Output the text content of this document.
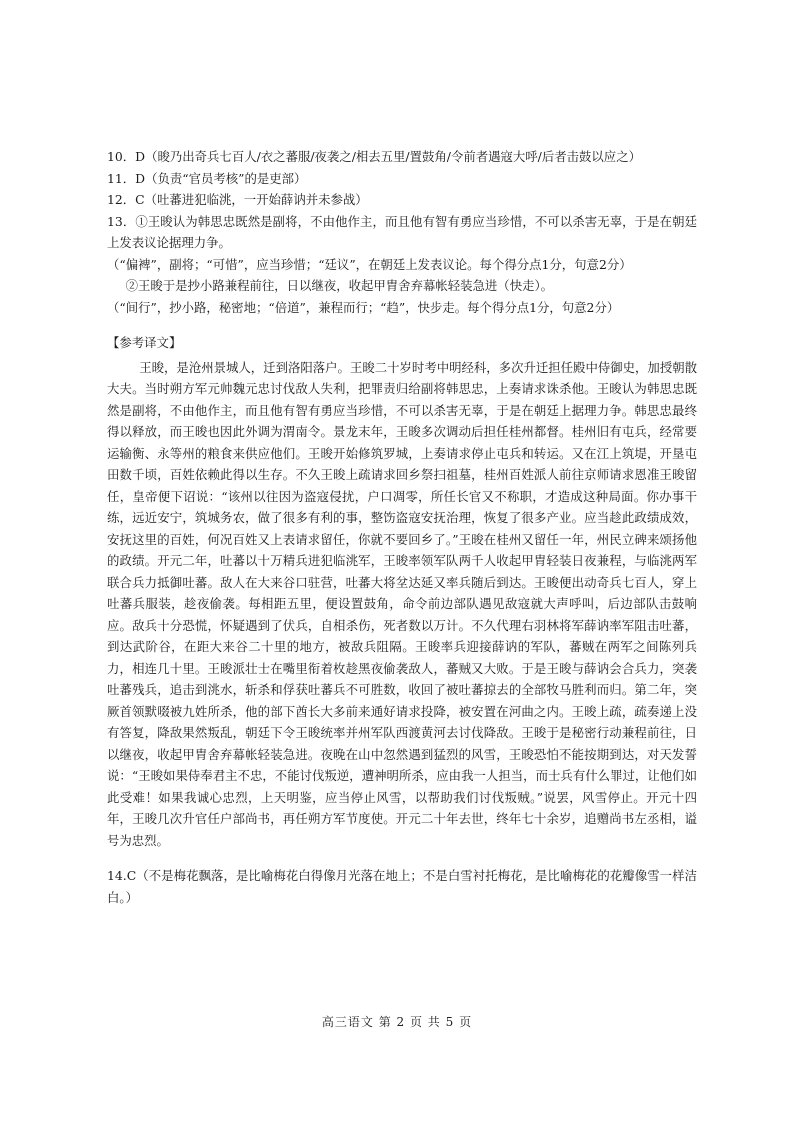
10．D（晙乃出奇兵七百人/衣之蕃服/夜袭之/相去五里/置鼓角/令前者遇寇大呼/后者击鼓以应之）

11．D（负责“官员考核”的是吏部）

12．C（吐蕃进犯临洮，一开始薛讷并未参战）

13．①王晙认为韩思忠既然是副将，不由他作主，而且他有智有勇应当珍惜，不可以杀害无辜，于是在朝廷上发表议论据理力争。

（“偏裨”，副将；“可惜”，应当珍惜；“廷议”，在朝廷上发表议论。每个得分点1分，句意2分）

②王晙于是抄小路兼程前往，日以继夜，收起甲胄舍弃幕帐轻装急进（快走）。

（“间行”，抄小路，秘密地；“倍道”，兼程而行；“趋”，快步走。每个得分点1分，句意2分）

【参考译文】

王晙，是沧州景城人，迁到洛阳落户。王晙二十岁时考中明经科，多次升迁担任殿中侍御史，加授朝散大夫。当时朔方军元帅魏元忠讨伐敌人失利，把罪责归给副将韩思忠，上奏请求诛杀他。王晙认为韩思忠既然是副将，不由他作主，而且他有智有勇应当珍惜，不可以杀害无辜，于是在朝廷上据理力争。韩思忠最终得以释放，而王晙也因此外调为渭南令。景龙末年，王晙多次调动后担任桂州都督。桂州旧有屯兵，经常要运输衡、永等州的粮食来供应他们。王晙开始修筑罗城，上奏请求停止屯兵和转运。又在江上筑堤，开垦屯田数千顷，百姓依赖此得以生存。不久王晙上疏请求回乡祭扫祖墓，桂州百姓派人前往京师请求恩准王晙留任，皇帝便下诏说：“该州以往因为盗寇侵扰，户口凋零，所任长官又不称职，才造成这种局面。你办事干练，远近安宁，筑城务农，做了很多有利的事，整饬盗寇安抚治理，恢复了很多产业。应当趁此政绩成效，安抚这里的百姓，何况百姓又上表请求留任，你就不要回乡了。”王晙在桂州又留任一年，州民立碑来颂扬他的政绩。开元二年，吐蕃以十万精兵进犯临洮军，王晙率领军队两千人收起甲胄轻装日夜兼程，与临洮两军联合兵力抵御吐蕃。敌人在大来谷口驻营，吐蕃大将坌达延又率兵随后到达。王晙便出动奇兵七百人，穿上吐蕃兵服装，趁夜偷袭。每相距五里，便设置鼓角，命令前边部队遇见敌寇就大声呼叫，后边部队击鼓响应。敌兵十分恐慌，怀疑遇到了伏兵，自相杀伤，死者数以万计。不久代理右羽林将军薛讷率军阻击吐蕃，到达武阶谷，在距大来谷二十里的地方，被敌兵阻隔。王晙率兵迎接薛讷的军队，蕃贼在两军之间陈列兵力，相连几十里。王晙派壮士在嘴里衔着枚趁黑夜偷袭敌人，蕃贼又大败。于是王晙与薛讷会合兵力，突袭吐蕃残兵，追击到洮水，斩杀和俘获吐蕃兵不可胜数，收回了被吐蕃掠去的全部牧马胜利而归。第二年，突厥首领默啜被九姓所杀，他的部下酋长大多前来通好请求投降，被安置在河曲之内。王晙上疏，疏奏递上没有答复，降敌果然叛乱，朝廷下令王晙统率并州军队西渡黄河去讨伐降敌。王晙于是秘密行动兼程前往，日以继夜，收起甲胄舍弃幕帐轻装急进。夜晚在山中忽然遇到猛烈的风雪，王晙恐怕不能按期到达，对天发誓说：“王晙如果侍奉君主不忠，不能讨伐叛逆，遭神明所杀，应由我一人担当，而士兵有什么罪过，让他们如此受难！如果我诚心忠烈，上天明鉴，应当停止风雪，以帮助我们讨伐叛贼。”说罢，风雪停止。开元十四年，王晙几次升官任户部尚书，再任朔方军节度使。开元二十年去世，终年七十余岁，追赠尚书左丞相，谥号为忠烈。

14.C（不是梅花飘落，是比喻梅花白得像月光落在地上；不是白雪衬托梅花，是比喻梅花的花瓣像雪一样洁白。）

高三语文 第 2 页 共 5 页
